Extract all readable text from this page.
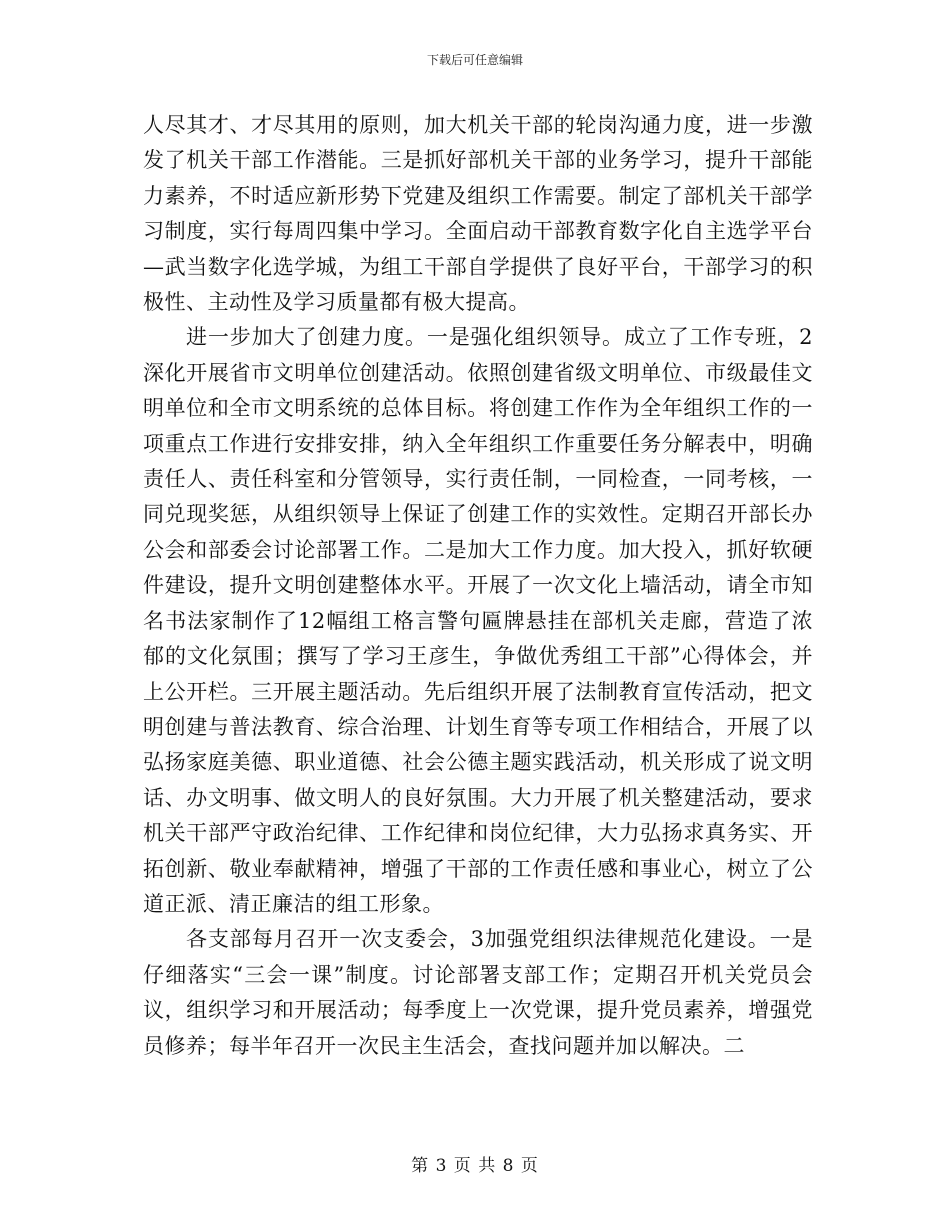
下载后可任意编辑

人尽其才、才尽其用的原则，加大机关干部的轮岗沟通力度，进一步激发了机关干部工作潜能。三是抓好部机关干部的业务学习，提升干部能力素养，不时适应新形势下党建及组织工作需要。制定了部机关干部学习制度，实行每周四集中学习。全面启动干部教育数字化自主选学平台—武当数字化选学城，为组工干部自学提供了良好平台，干部学习的积极性、主动性及学习质量都有极大提高。

进一步加大了创建力度。一是强化组织领导。成立了工作专班，2深化开展省市文明单位创建活动。依照创建省级文明单位、市级最佳文明单位和全市文明系统的总体目标。将创建工作作为全年组织工作的一项重点工作进行安排安排，纳入全年组织工作重要任务分解表中，明确责任人、责任科室和分管领导，实行责任制，一同检查，一同考核，一同兑现奖惩，从组织领导上保证了创建工作的实效性。定期召开部长办公会和部委会讨论部署工作。二是加大工作力度。加大投入，抓好软硬件建设，提升文明创建整体水平。开展了一次文化上墙活动，请全市知名书法家制作了12幅组工格言警句匾牌悬挂在部机关走廊，营造了浓郁的文化氛围；撰写了学习王彦生，争做优秀组工干部”心得体会，并上公开栏。三开展主题活动。先后组织开展了法制教育宣传活动，把文明创建与普法教育、综合治理、计划生育等专项工作相结合，开展了以弘扬家庭美德、职业道德、社会公德主题实践活动，机关形成了说文明话、办文明事、做文明人的良好氛围。大力开展了机关整建活动，要求机关干部严守政治纪律、工作纪律和岗位纪律，大力弘扬求真务实、开拓创新、敬业奉献精神，增强了干部的工作责任感和事业心，树立了公道正派、清正廉洁的组工形象。

各支部每月召开一次支委会，3加强党组织法律规范化建设。一是仔细落实“三会一课”制度。讨论部署支部工作；定期召开机关党员会议，组织学习和开展活动；每季度上一次党课，提升党员素养，增强党员修养；每半年召开一次民主生活会，查找问题并加以解决。二

第 3 页 共 8 页
